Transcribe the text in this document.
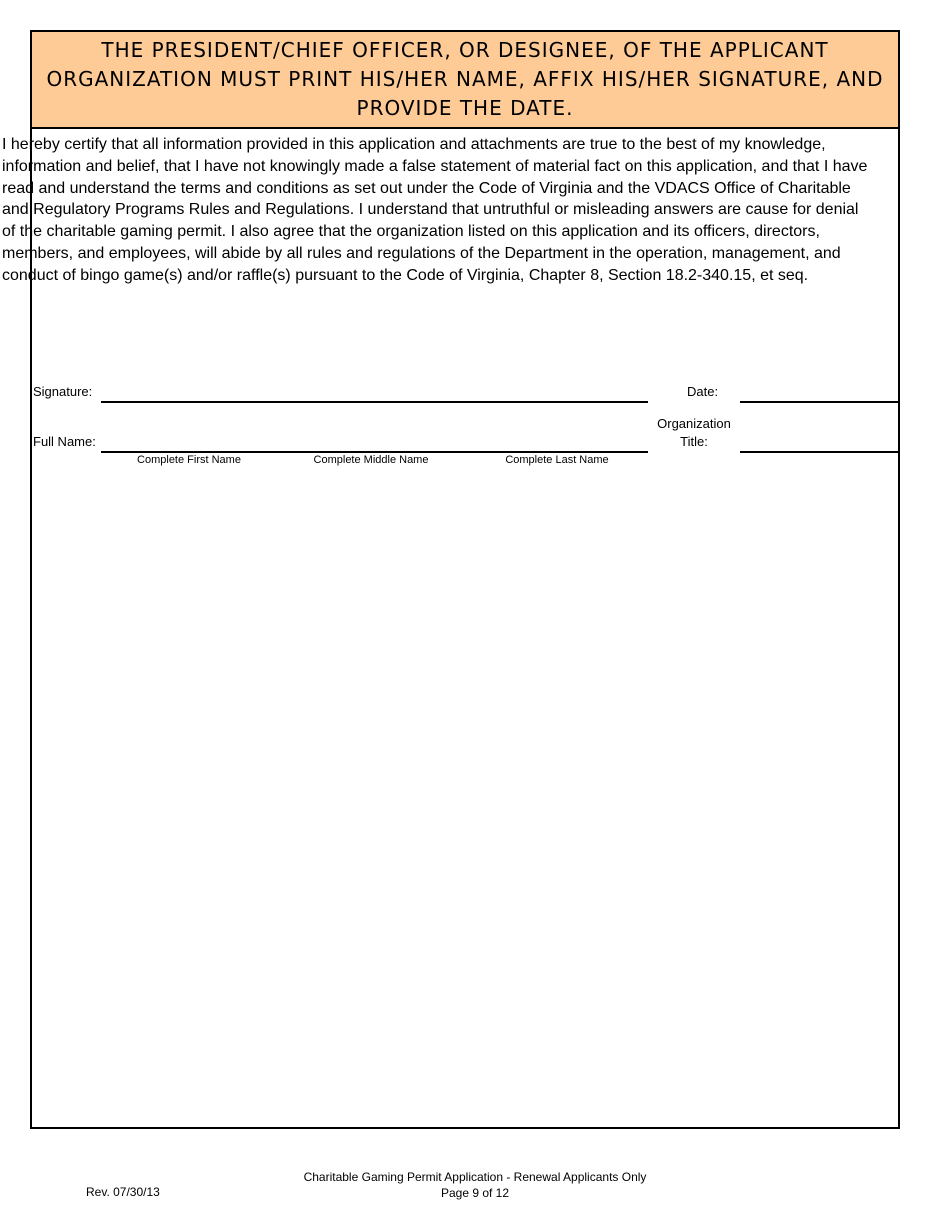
THE PRESIDENT/CHIEF OFFICER, OR DESIGNEE, OF THE APPLICANT ORGANIZATION MUST PRINT HIS/HER NAME, AFFIX HIS/HER SIGNATURE, AND PROVIDE THE DATE.
I hereby certify that all information provided in this application and attachments are true to the best of my knowledge, information and belief, that I have not knowingly made a false statement of material fact on this application, and that I have read and understand the terms and conditions as set out under the Code of Virginia and the VDACS Office of Charitable and Regulatory Programs Rules and Regulations. I understand that untruthful or misleading answers are cause for denial of the charitable gaming permit. I also agree that the organization listed on this application and its officers, directors, members, and employees, will abide by all rules and regulations of the Department in the operation, management, and conduct of bingo game(s) and/or raffle(s) pursuant to the Code of Virginia, Chapter 8, Section 18.2-340.15, et seq.
Signature:	Date:
Full Name:
Organization
Title:
Complete First Name	Complete Middle Name	Complete Last Name
Rev. 07/30/13
Charitable Gaming Permit Application - Renewal Applicants Only
Page 9 of 12
